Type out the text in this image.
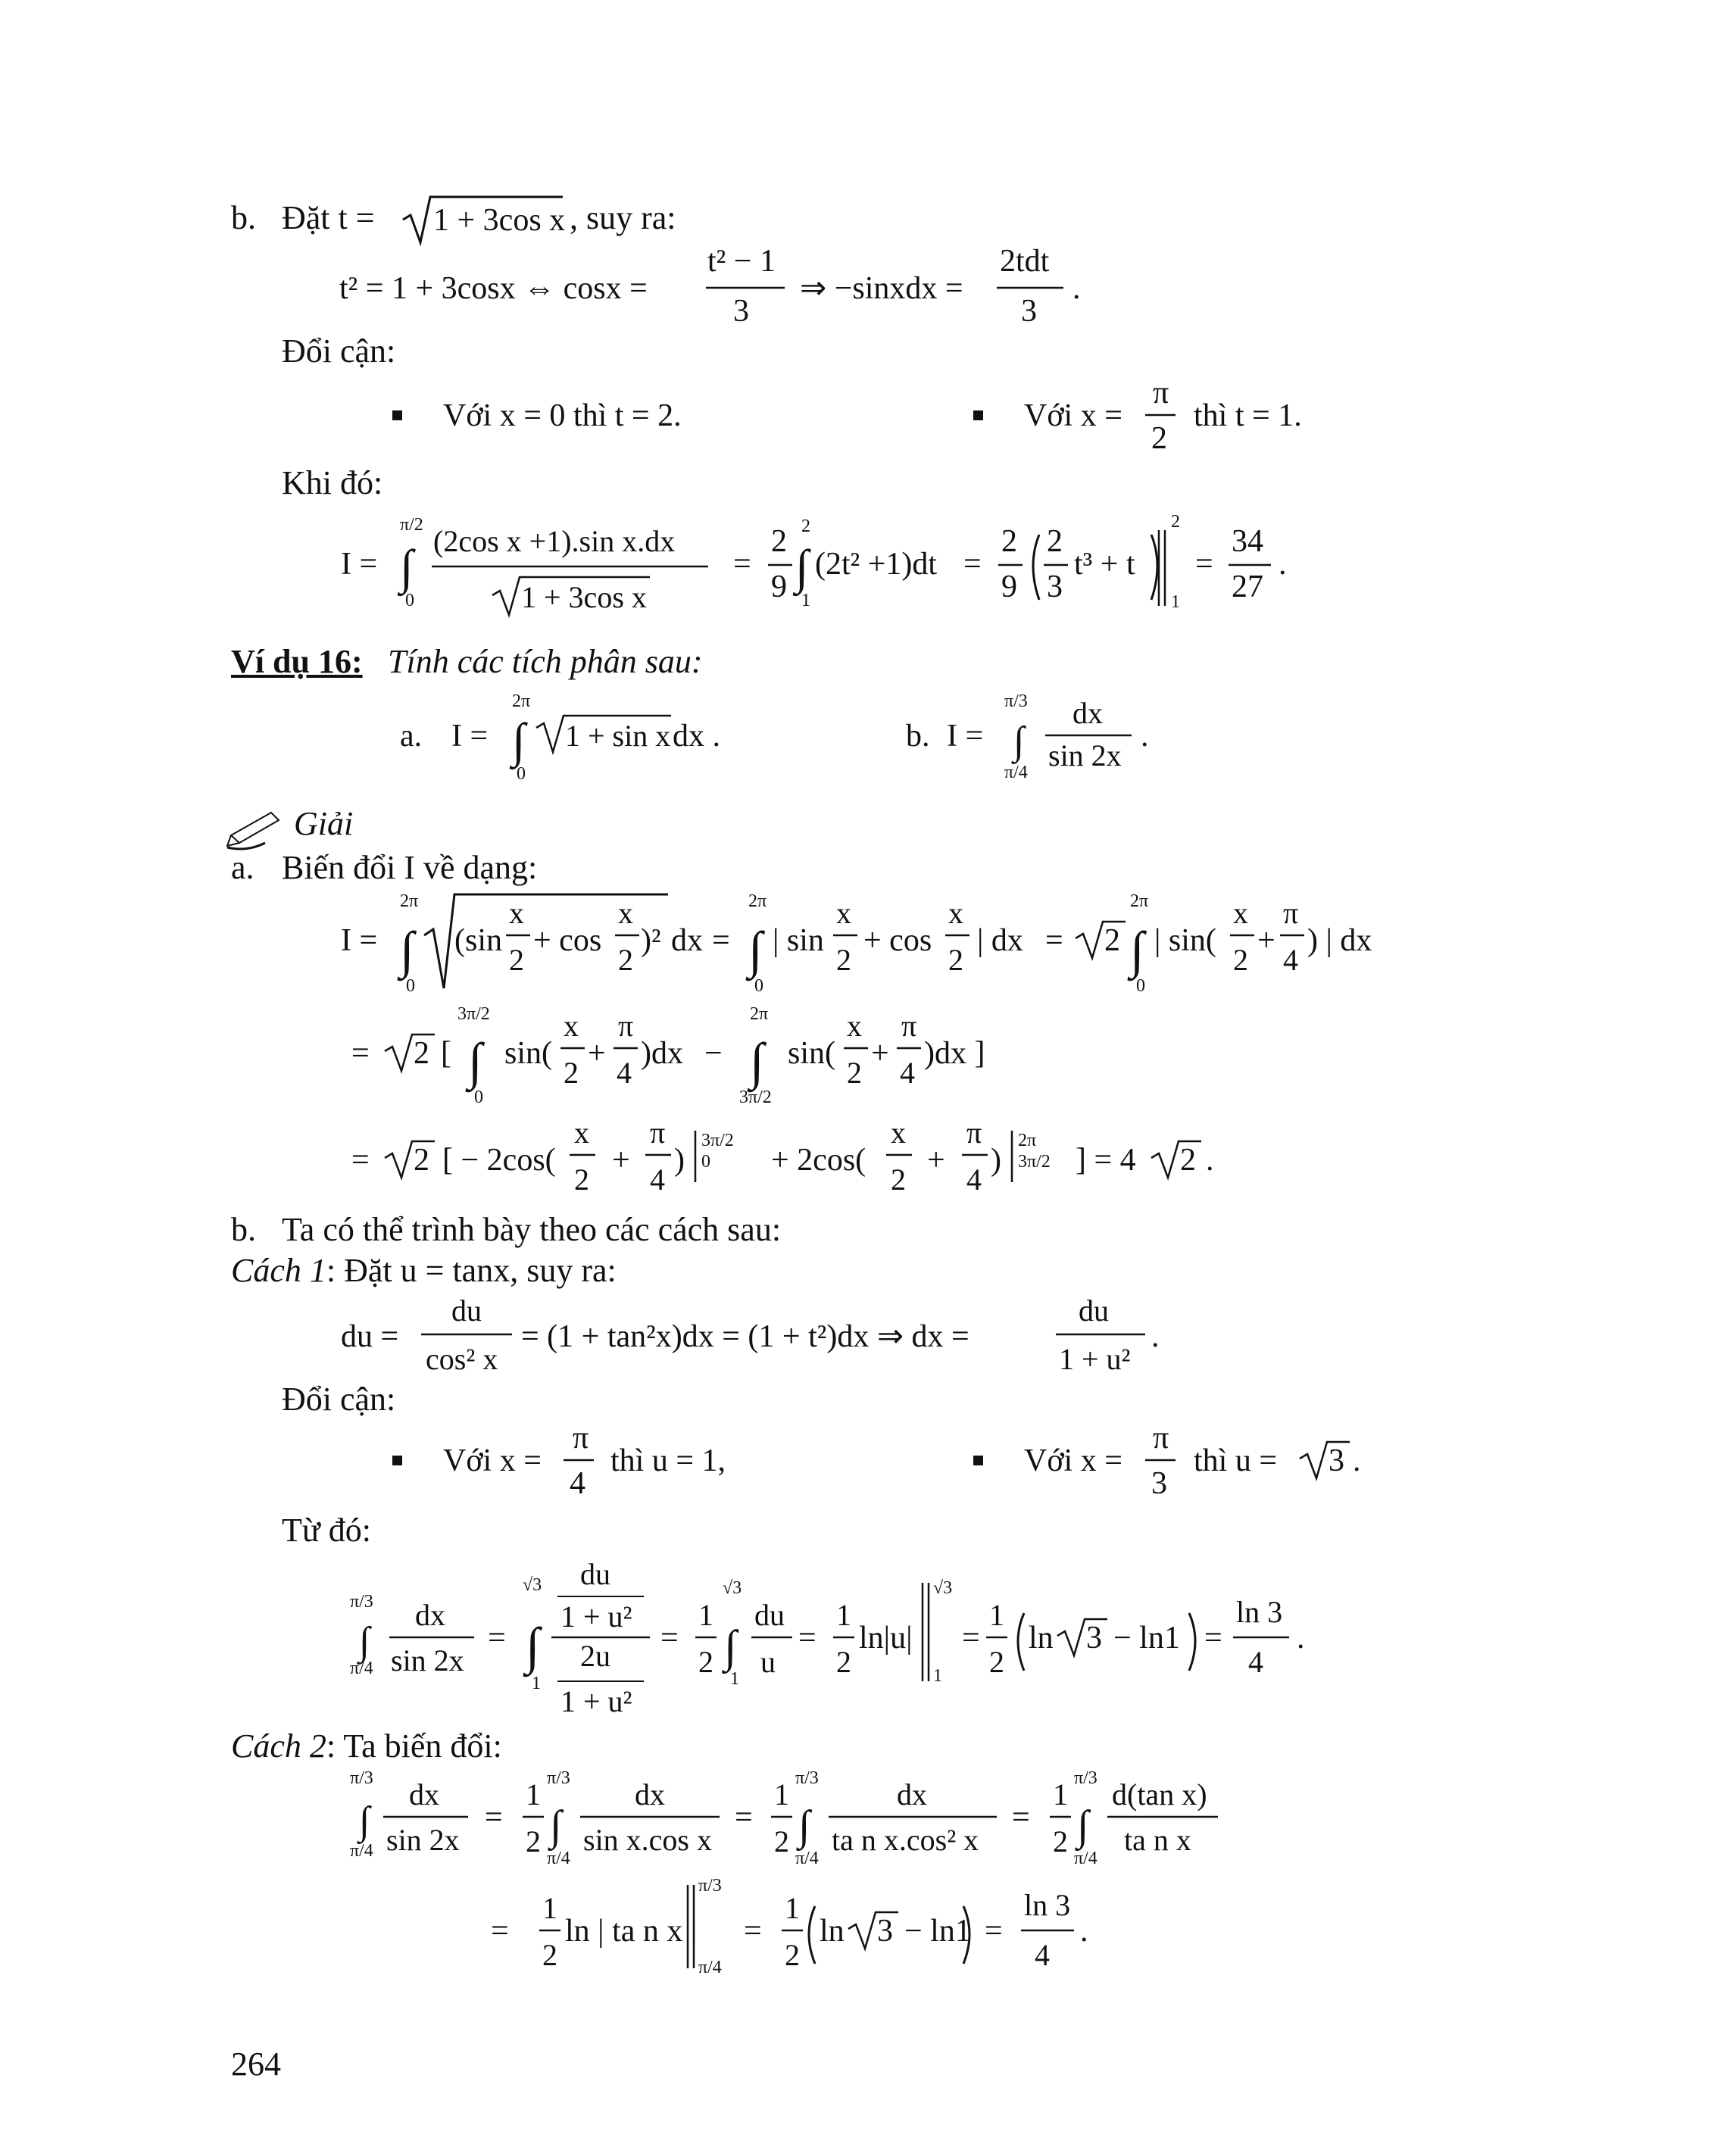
b. Đặt t = 1 + 3cos x , suy ra:
t² = 1 + 3cosx ⇔ cosx =
t² − 1
3
⇒ −sinxdx =
2tdt
3
.
Đổi cận:
Với x = 0 thì t = 2.	Với x =
π
2
thì t = 1.
Khi đó:
I =
π/2
0
∫ (2cos x +1).sin x.dx
1 + 3cos x
=
2
9
2
1
∫ (2t² +1)dt =
2
9
2
3
t³ + t
2
1
=
34
27
.
Ví dụ 16: Tính các tích phân sau:
a. I =
2π
0
∫ 1 + sin x dx .	b. I =
π/3
π/4
∫
dx
sin 2x
.
Giải
a. Biến đổi I về dạng:
I =
2π
0
∫ (sin
x
2
+ cos
x
2
)² dx =
2π
0
∫ | sin
x
2
+ cos
x
2
| dx = 2
2π
0
∫ | sin(
x
2
+
π
4
) | dx
= 2 [
3π/2
0
∫ sin(
x
2
+
π
4
)dx −
2π
3π/2
∫ sin(
x
2
+
π
4
)dx ]
= 2 [ − 2cos(
x
2
+
π
4
)
3π/2
0 + 2cos(
x
2
+
π
4
)
2π
3π/2 ] = 4 2 .
b. Ta có thể trình bày theo các cách sau:
Cách 1: Đặt u = tanx, suy ra:
du =
du
cos² x
= (1 + tan²x)dx = (1 + t²)dx ⇒ dx =
du
1 + u²
.
Đổi cận:
Với x =
π
4
thì u = 1,	Với x =
π
3
thì u = 3 .
Từ đó:
π/3
π/4
∫
dx
sin 2x
=
√3
1
∫
du
1 + u²
2u
1 + u²
=
1
2
√3
1
∫
du
u
=
1
2
ln|u|
√3
1
=
1
2
ln 3 − ln1 =
ln 3
4
.
Cách 2: Ta biến đổi:
π/3
π/4
∫
dx
sin 2x
=
1
2
π/3
π/4
∫
dx
sin x.cos x
=
1
2
π/3
π/4
∫
dx
ta n x.cos² x
=
1
2
π/3
π/4
∫
d(tan x)
ta n x
=
1
2
ln | ta n x |
π/3
π/4
=
1
2
ln 3 − ln1 =
ln 3
4
.
264
